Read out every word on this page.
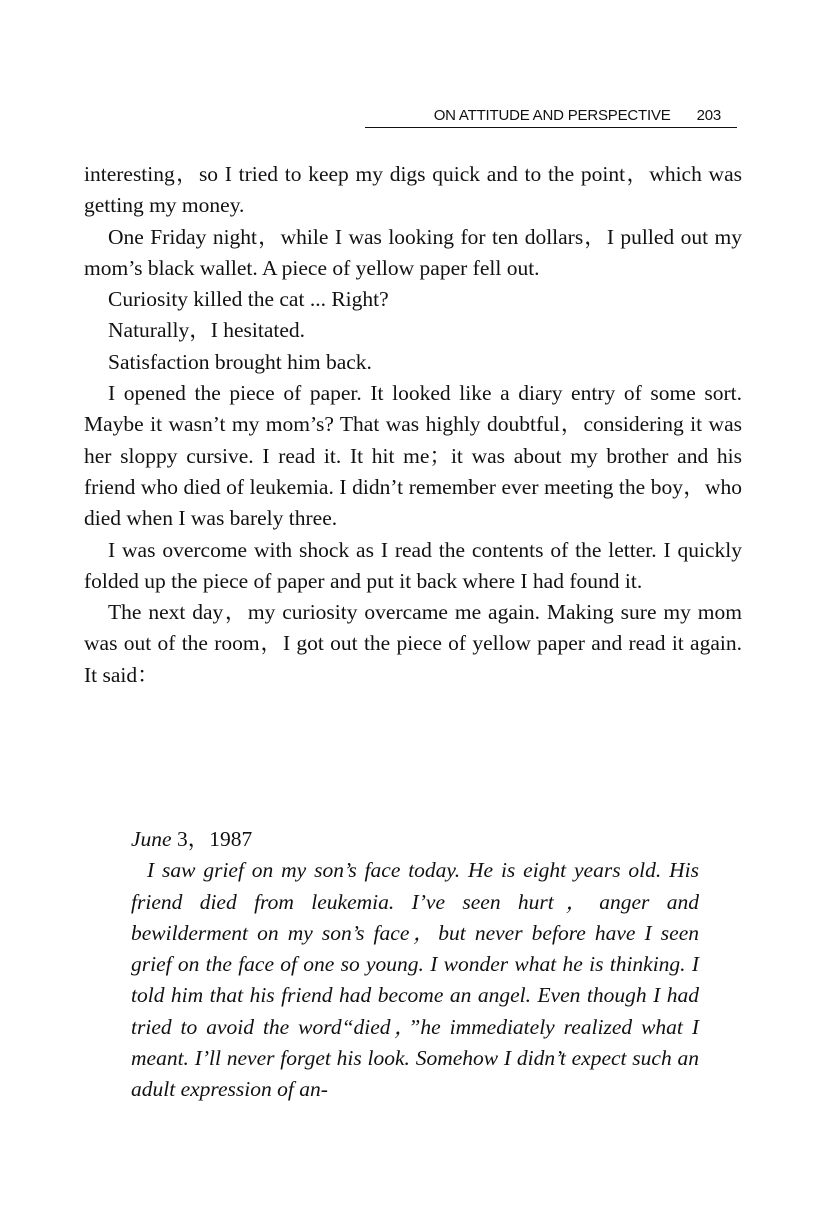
ON ATTITUDE AND PERSPECTIVE 203

interesting，so I tried to keep my digs quick and to the point，which was getting my money.

One Friday night，while I was looking for ten dollars，I pulled out my mom’s black wallet. A piece of yellow paper fell out.

Curiosity killed the cat ... Right?

Naturally，I hesitated.

Satisfaction brought him back.

I opened the piece of paper. It looked like a diary entry of some sort. Maybe it wasn’t my mom’s? That was highly doubtful，considering it was her sloppy cursive. I read it. It hit me；it was about my brother and his friend who died of leukemia. I didn’t remember ever meeting the boy，who died when I was barely three.

I was overcome with shock as I read the contents of the letter. I quickly folded up the piece of paper and put it back where I had found it.

The next day，my curiosity overcame me again. Making sure my mom was out of the room，I got out the piece of yellow paper and read it again. It said：

June 3，1987

I saw grief on my son’s face today. He is eight years old. His friend died from leukemia. I’ve seen hurt，anger and bewilderment on my son’s face，but never before have I seen grief on the face of one so young. I wonder what he is thinking. I told him that his friend had become an angel. Even though I had tried to avoid the word“died，”he immediately realized what I meant. I’ll never forget his look. Somehow I didn’t expect such an adult expression of an-
